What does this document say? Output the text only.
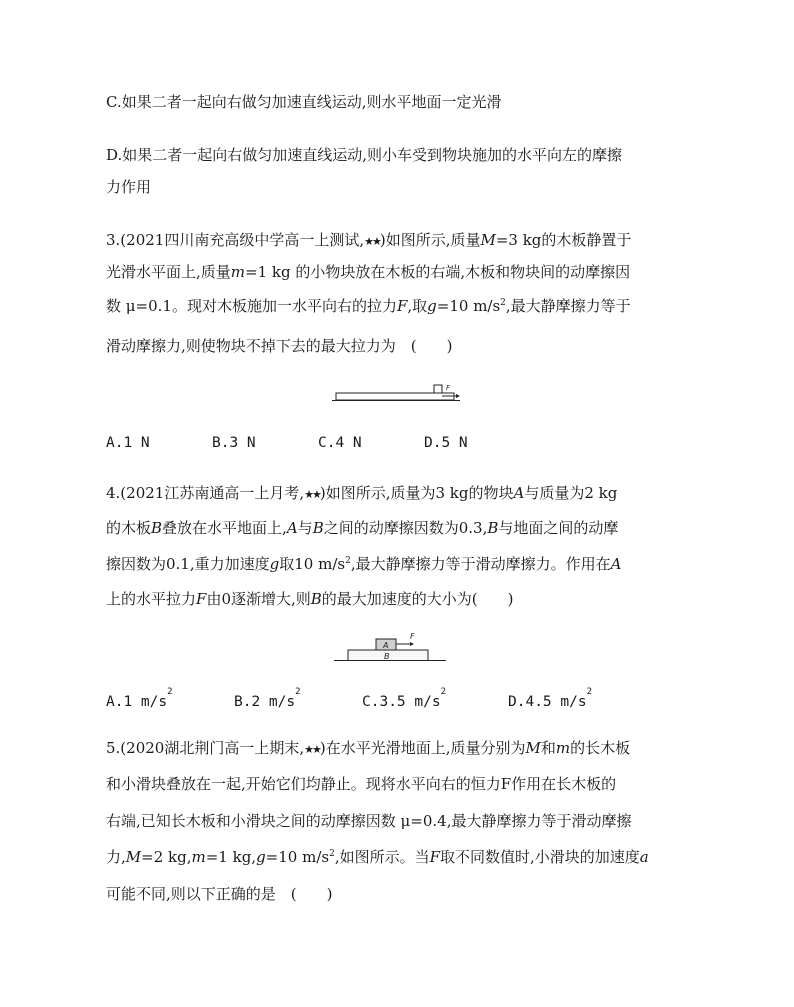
C.如果二者一起向右做匀加速直线运动,则水平地面一定光滑
D.如果二者一起向右做匀加速直线运动,则小车受到物块施加的水平向左的摩擦
力作用
3.(2021四川南充高级中学高一上测试,★★)如图所示,质量M=3 kg的木板静置于
光滑水平面上,质量m=1 kg 的小物块放在木板的右端,木板和物块间的动摩擦因
数 μ=0.1。现对木板施加一水平向右的拉力F,取g=10 $m/s^2$,最大静摩擦力等于
滑动摩擦力,则使物块不掉下去的最大拉力为　(　　)
F
A.1 N	B.3 N	C.4 N	D.5 N
4.(2021江苏南通高一上月考,★★)如图所示,质量为3 kg的物块A与质量为2 kg
的木板B叠放在水平地面上,A与B之间的动摩擦因数为0.3,B与地面之间的动摩
擦因数为0.1,重力加速度g取10 $m/s^2$,最大静摩擦力等于滑动摩擦力。作用在A
上的水平拉力F由0逐渐增大,则B的最大加速度的大小为(　　)
A
B
F
A.1 $m/s^2$
B.2 $m/s^2$
C.3.5 $m/s^2$
D.4.5 $m/s^2$
5.(2020湖北荆门高一上期末,★★)在水平光滑地面上,质量分别为M和m的长木板
和小滑块叠放在一起,开始它们均静止。现将水平向右的恒力F作用在长木板的
右端,已知长木板和小滑块之间的动摩擦因数 μ=0.4,最大静摩擦力等于滑动摩擦
力,M=2 kg,m=1 kg,g=10 $m/s^2$,如图所示。当F取不同数值时,小滑块的加速度a
可能不同,则以下正确的是　(　　)
